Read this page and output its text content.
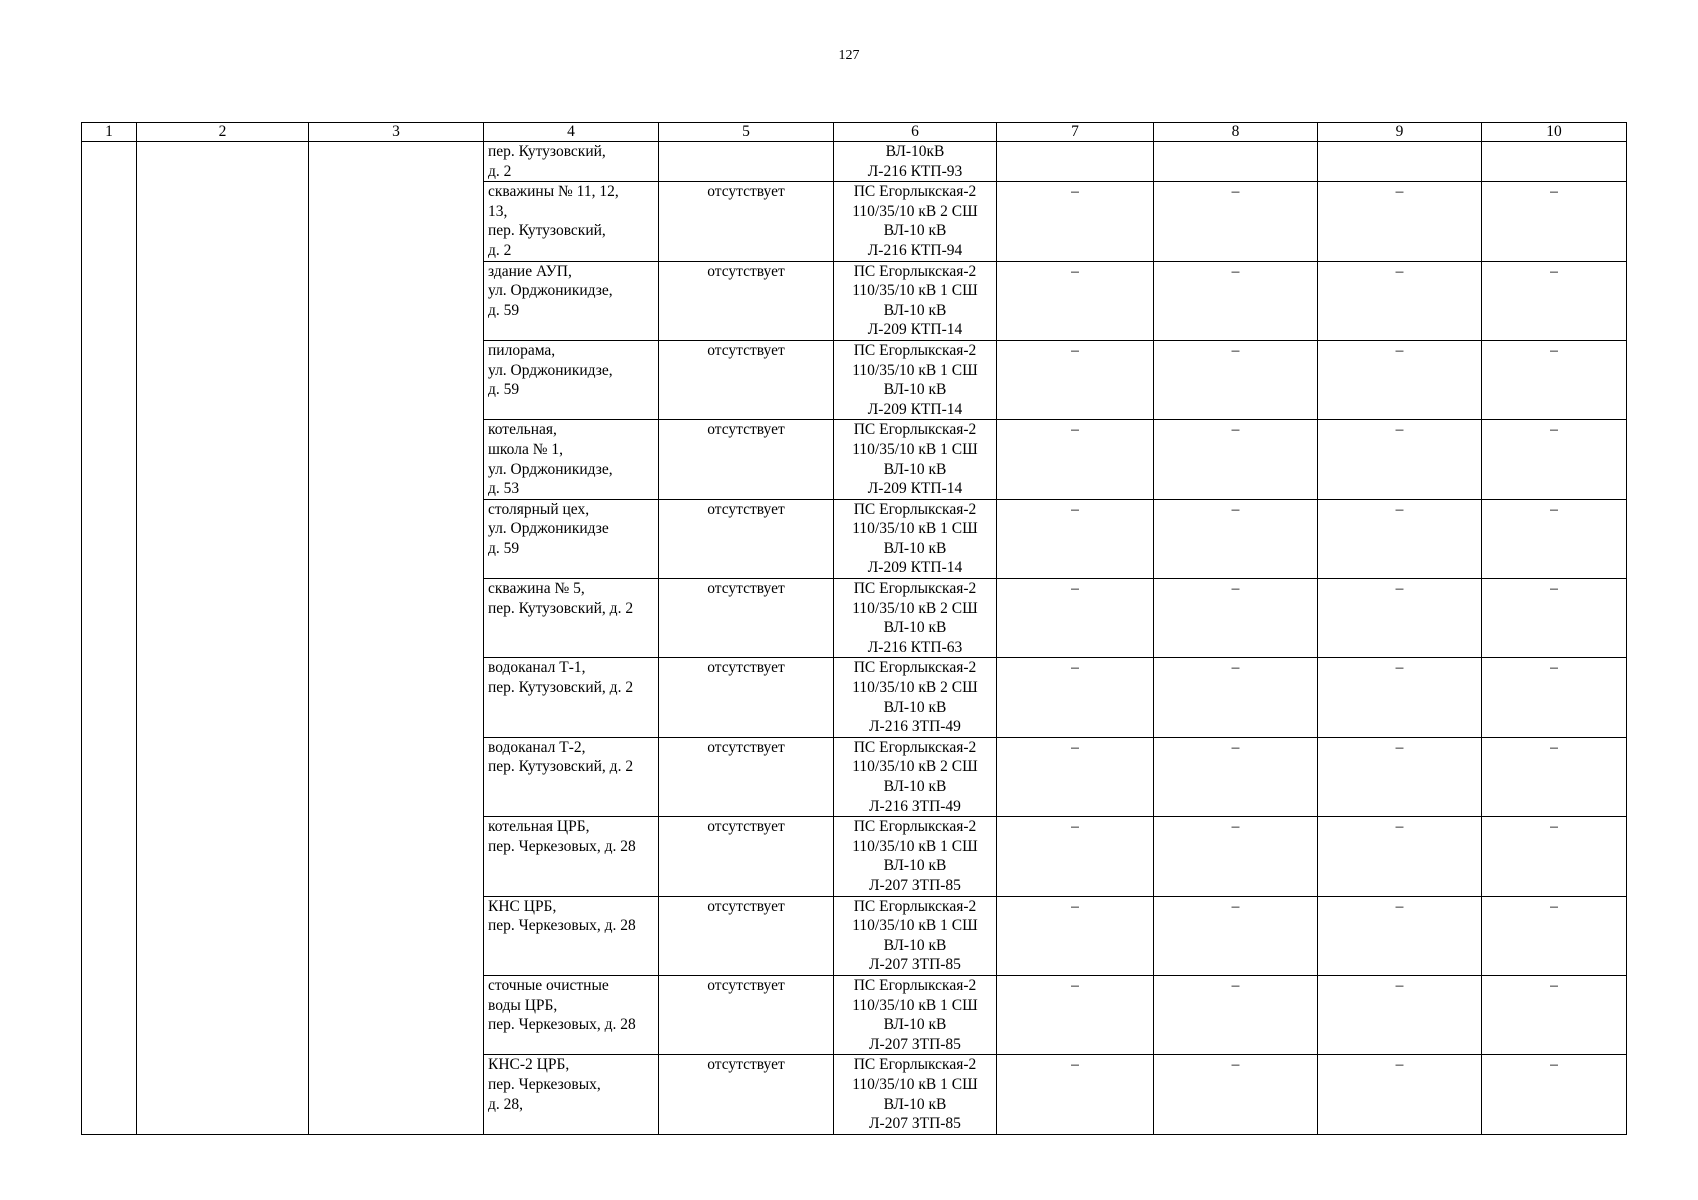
127
1	2	3	4	5	6	7	8	9	10
			пер. Кутузовский,
д. 2		ВЛ-10кВ
Л-216 КТП-93				
			скважины № 11, 12,
13,
пер. Кутузовский,
д. 2	отсутствует	ПС Егорлыкская-2
110/35/10 кВ 2 СШ
ВЛ-10 кВ
Л-216 КТП-94	–	–	–	–
			здание АУП,
ул. Орджоникидзе,
д. 59	отсутствует	ПС Егорлыкская-2
110/35/10 кВ 1 СШ
ВЛ-10 кВ
Л-209 КТП-14	–	–	–	–
			пилорама,
ул. Орджоникидзе,
д. 59	отсутствует	ПС Егорлыкская-2
110/35/10 кВ 1 СШ
ВЛ-10 кВ
Л-209 КТП-14	–	–	–	–
			котельная,
школа № 1,
ул. Орджоникидзе,
д. 53	отсутствует	ПС Егорлыкская-2
110/35/10 кВ 1 СШ
ВЛ-10 кВ
Л-209 КТП-14	–	–	–	–
			столярный цех,
ул. Орджоникидзе
д. 59	отсутствует	ПС Егорлыкская-2
110/35/10 кВ 1 СШ
ВЛ-10 кВ
Л-209 КТП-14	–	–	–	–
			скважина № 5,
пер. Кутузовский, д. 2	отсутствует	ПС Егорлыкская-2
110/35/10 кВ 2 СШ
ВЛ-10 кВ
Л-216 КТП-63	–	–	–	–
			водоканал Т-1,
пер. Кутузовский, д. 2	отсутствует	ПС Егорлыкская-2
110/35/10 кВ 2 СШ
ВЛ-10 кВ
Л-216 ЗТП-49	–	–	–	–
			водоканал Т-2,
пер. Кутузовский, д. 2	отсутствует	ПС Егорлыкская-2
110/35/10 кВ 2 СШ
ВЛ-10 кВ
Л-216 ЗТП-49	–	–	–	–
			котельная ЦРБ,
пер. Черкезовых, д. 28	отсутствует	ПС Егорлыкская-2
110/35/10 кВ 1 СШ
ВЛ-10 кВ
Л-207 ЗТП-85	–	–	–	–
			КНС ЦРБ,
пер. Черкезовых, д. 28	отсутствует	ПС Егорлыкская-2
110/35/10 кВ 1 СШ
ВЛ-10 кВ
Л-207 ЗТП-85	–	–	–	–
			сточные очистные
воды ЦРБ,
пер. Черкезовых, д. 28	отсутствует	ПС Егорлыкская-2
110/35/10 кВ 1 СШ
ВЛ-10 кВ
Л-207 ЗТП-85	–	–	–	–
			КНС-2 ЦРБ,
пер. Черкезовых,
д. 28,	отсутствует	ПС Егорлыкская-2
110/35/10 кВ 1 СШ
ВЛ-10 кВ
Л-207 ЗТП-85	–	–	–	–
